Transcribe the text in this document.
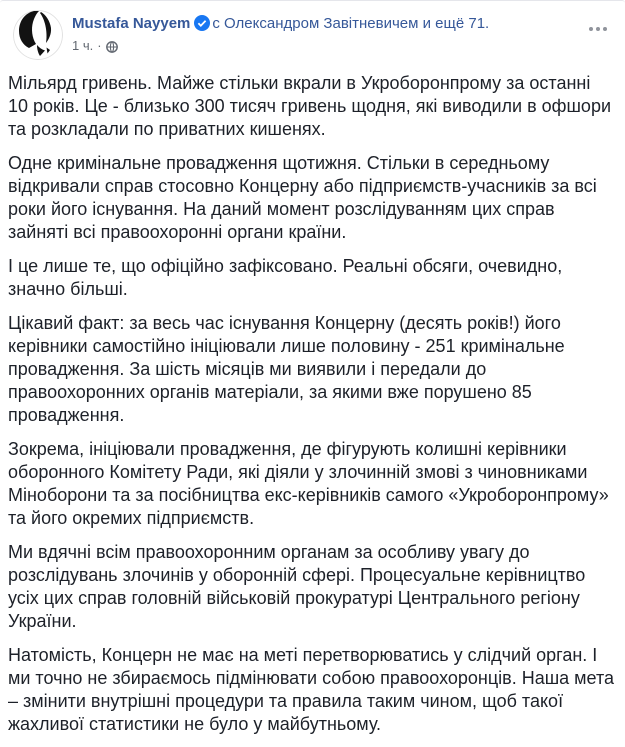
Mustafa Nayyem с Олександром Завітневичем и ещё 71.
1 ч. ·

Мільярд гривень. Майже стільки вкрали в Укроборонпрому за останні 10 років. Це - близько 300 тисяч гривень щодня, які виводили в офшори та розкладали по приватних кишенях.

Одне кримінальне провадження щотижня. Стільки в середньому відкривали справ стосовно Концерну або підприємств-учасників за всі роки його існування. На даний момент розслідуванням цих справ зайняті всі правоохоронні органи країни.

І це лише те, що офіційно зафіксовано. Реальні обсяги, очевидно, значно більші.

Цікавий факт: за весь час існування Концерну (десять років!) його керівники самостійно ініціювали лише половину - 251 кримінальне провадження. За шість місяців ми виявили і передали до правоохоронних органів матеріали, за якими вже порушено 85 провадження.

Зокрема, ініціювали провадження, де фігурують колишні керівники оборонного Комітету Ради, які діяли у злочинній змові з чиновниками Міноборони та за посібництва екс-керівників самого «Укроборонпрому» та його окремих підприємств.

Ми вдячні всім правоохоронним органам за особливу увагу до розслідувань злочинів у оборонній сфері. Процесуальне керівництво усіх цих справ головній військовій прокуратурі Центрального регіону України.

Натомість, Концерн не має на меті перетворюватись у слідчий орган. І ми точно не збираємось підмінювати собою правоохоронців. Наша мета – змінити внутрішні процедури та правила таким чином, щоб такої жахливої статистики не було у майбутньому.
